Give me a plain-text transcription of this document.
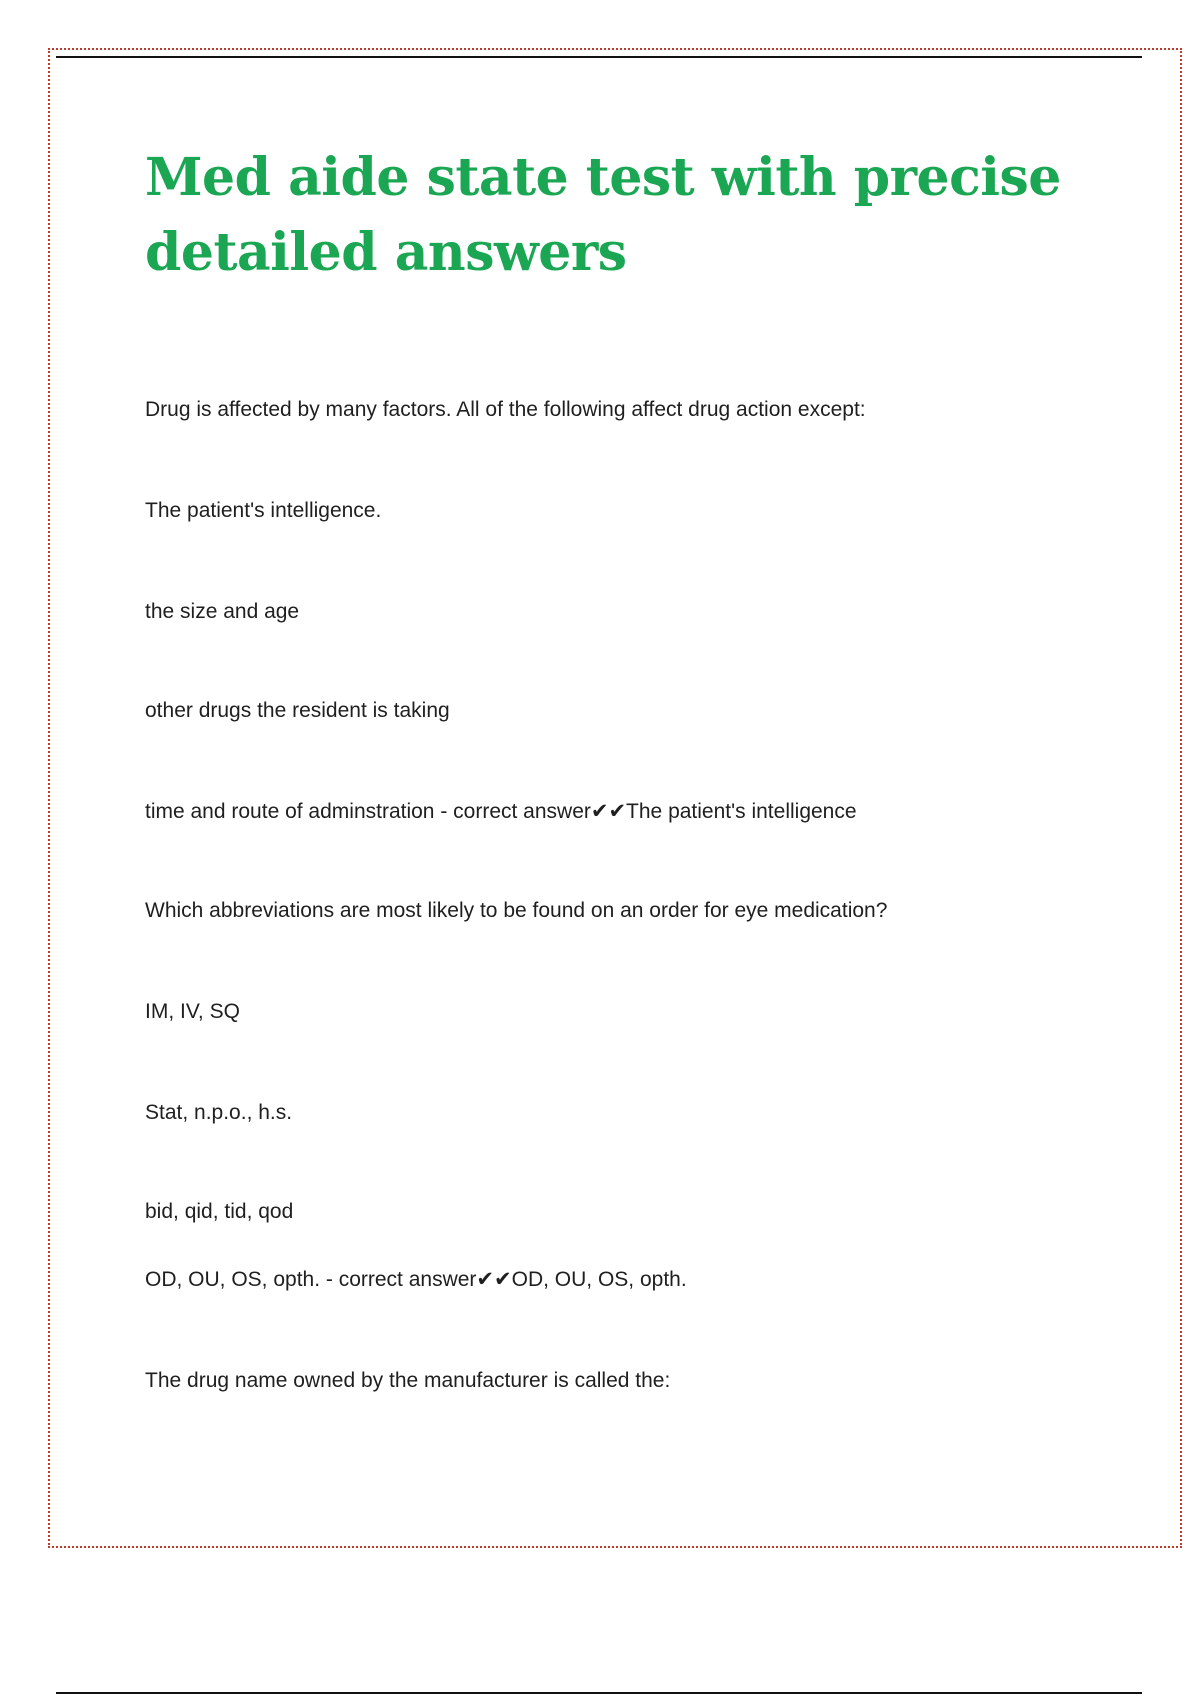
Med aide state test with precise detailed answers

Drug is affected by many factors. All of the following affect drug action except:

The patient's intelligence.

the size and age

other drugs the resident is taking

time and route of adminstration - correct answer✔✔The patient's intelligence

Which abbreviations are most likely to be found on an order for eye medication?

IM, IV, SQ

Stat, n.p.o., h.s.

bid, qid, tid, qod

OD, OU, OS, opth. - correct answer✔✔OD, OU, OS, opth.

The drug name owned by the manufacturer is called the:
